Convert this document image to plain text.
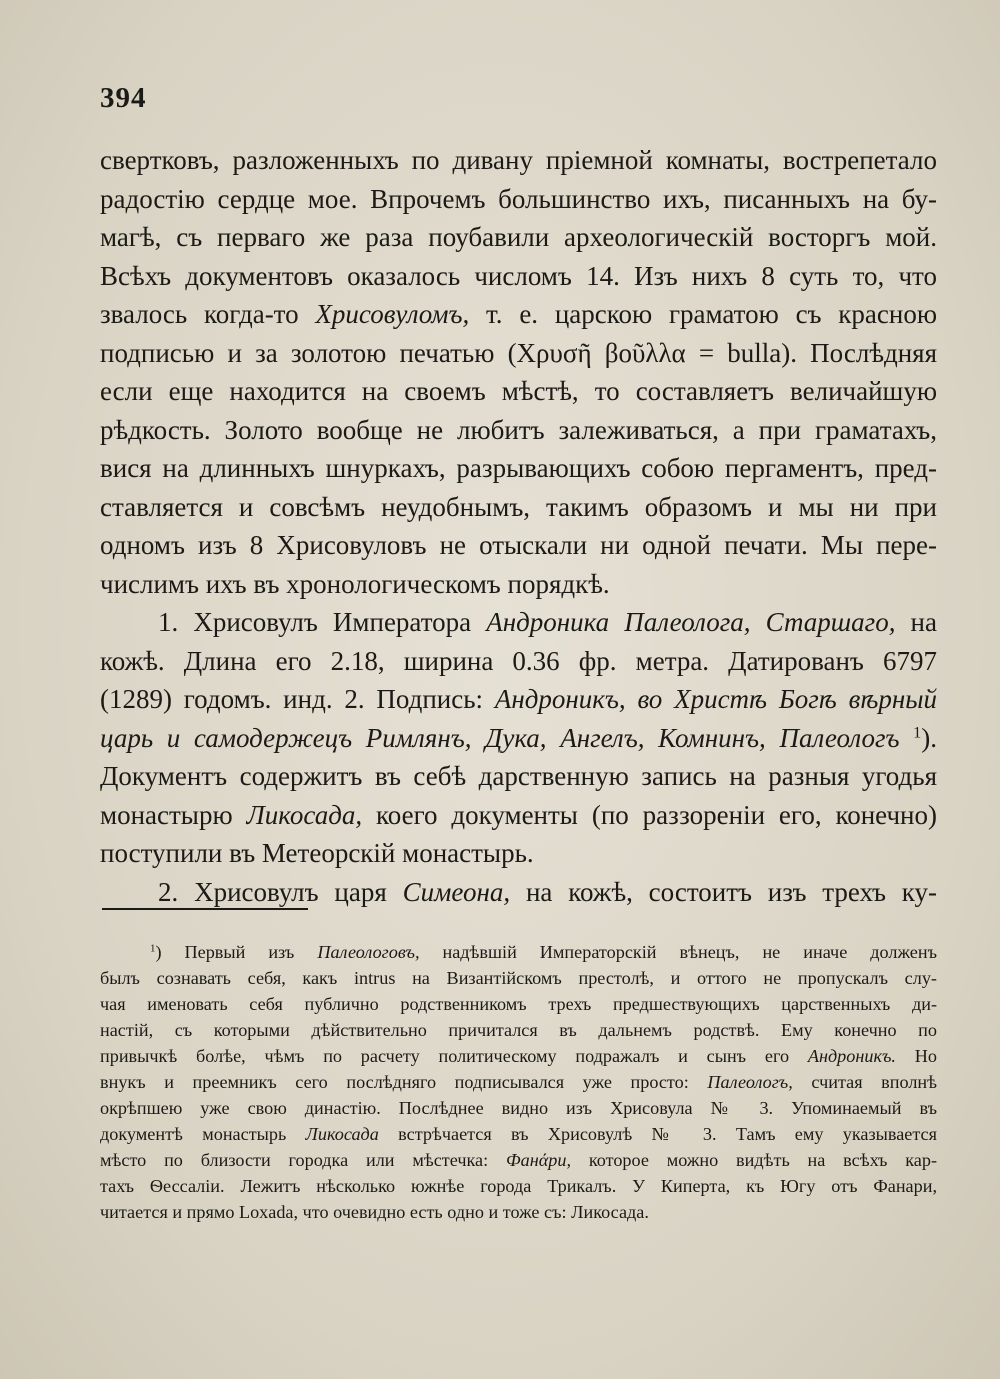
394
свертковъ, разложенныхъ по дивану пріемной комнаты, вострепетало
радостію сердце мое. Впрочемъ большинство ихъ, писанныхъ на бу-
магѣ, съ перваго же раза поубавили археологическій восторгъ мой.
Всѣхъ документовъ оказалось числомъ 14. Изъ нихъ 8 суть то, что
звалось когда-то Хрисовуломъ, т. е. царскою граматою съ красною
подписью и за золотою печатью (Χρυσῆ βοῦλλα = bulla). Послѣдняя
если еще находится на своемъ мѣстѣ, то составляетъ величайшую
рѣдкость. Золото вообще не любитъ залеживаться, а при граматахъ,
вися на длинныхъ шнуркахъ, разрывающихъ собою пергаментъ, пред-
ставляется и совсѣмъ неудобнымъ, такимъ образомъ и мы ни при
одномъ изъ 8 Хрисовуловъ не отыскали ни одной печати. Мы пере-
числимъ ихъ въ хронологическомъ порядкѣ.
1. Хрисовулъ Императора Андроника Палеолога, Старшаго, на
кожѣ. Длина его 2.18, ширина 0.36 фр. метра. Датированъ 6797
(1289) годомъ. инд. 2. Подпись: Андроникъ, во Христѣ Богѣ вѣрный
царь и самодержецъ Римлянъ, Дука, Ангелъ, Комнинъ, Палеологъ $^1$).
Документъ содержитъ въ себѣ дарственную запись на разныя угодья
монастырю Ликосада, коего документы (по раззореніи его, конечно)
поступили въ Метеорскій монастырь.
2. Хрисовулъ царя Симеона, на кожѣ, состоитъ изъ трехъ ку-
$^1$) Первый изъ Палеологовъ, надѣвшій Императорскій вѣнецъ, не иначе долженъ
былъ сознавать себя, какъ intrus на Византійскомъ престолѣ, и оттого не пропускалъ слу-
чая именовать себя публично родственникомъ трехъ предшествующихъ царственныхъ ди-
настій, съ которыми дѣйствительно причитался въ дальнемъ родствѣ. Ему конечно по
привычкѣ болѣе, чѣмъ по расчету политическому подражалъ и сынъ его Андроникъ. Но
внукъ и преемникъ сего послѣдняго подписывался уже просто: Палеологъ, считая вполнѣ
окрѣпшею уже свою династію. Послѣднее видно изъ Хрисовула № 3. Упоминаемый въ
документѣ монастырь Ликосада встрѣчается въ Хрисовулѣ № 3. Тамъ ему указывается
мѣсто по близости городка или мѣстечка: Фанάри, которое можно видѣть на всѣхъ кар-
тахъ Ѳессаліи. Лежитъ нѣсколько южнѣе города Трикалъ. У Киперта, къ Югу отъ Фанари,
читается и прямо Loxada, что очевидно есть одно и тоже съ: Ликосада.
